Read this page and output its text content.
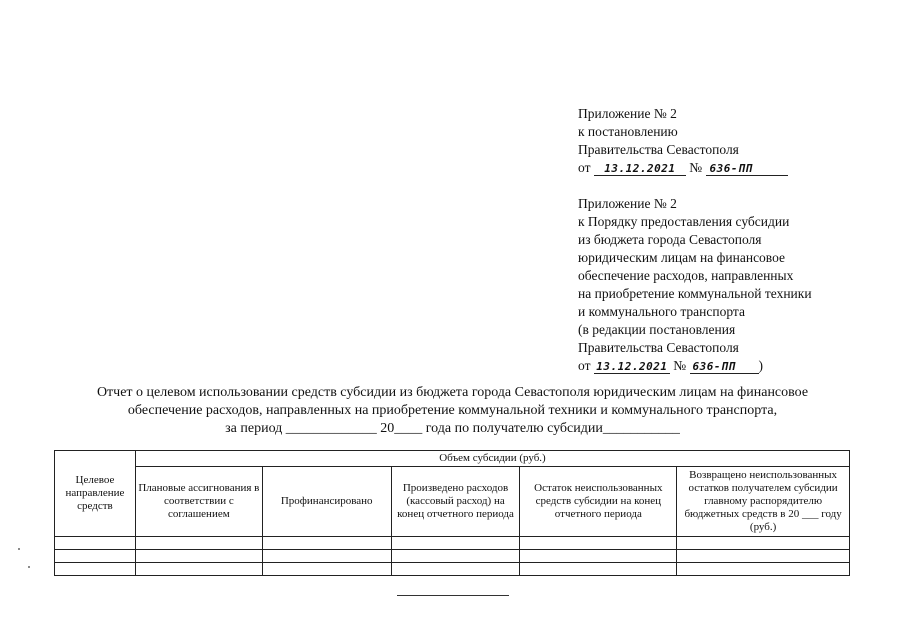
Приложение № 2
к постановлению
Правительства Севастополя
от 13.12.2021 № 636-ПП
Приложение № 2
к Порядку предоставления субсидии
из бюджета города Севастополя
юридическим лицам на финансовое
обеспечение расходов, направленных
на приобретение коммунальной техники
и коммунального транспорта
(в редакции постановления
Правительства Севастополя
от 13.12.2021 № 636-ПП )
Отчет о целевом использовании средств субсидии из бюджета города Севастополя юридическим лицам на финансовое
обеспечение расходов, направленных на приобретение коммунальной техники и коммунального транспорта,
за период _____________ 20____ года по получателю субсидии___________
Целевое направление средств	Объем субсидии (руб.)				
	Плановые ассигнования в соответствии с соглашением	Профинансировано	Произведено расходов (кассовый расход) на конец отчетного периода	Остаток неиспользованных средств субсидии на конец отчетного периода	Возвращено неиспользованных остатков получателем субсидии главному распорядителю бюджетных средств в 20 ___ году (руб.)
